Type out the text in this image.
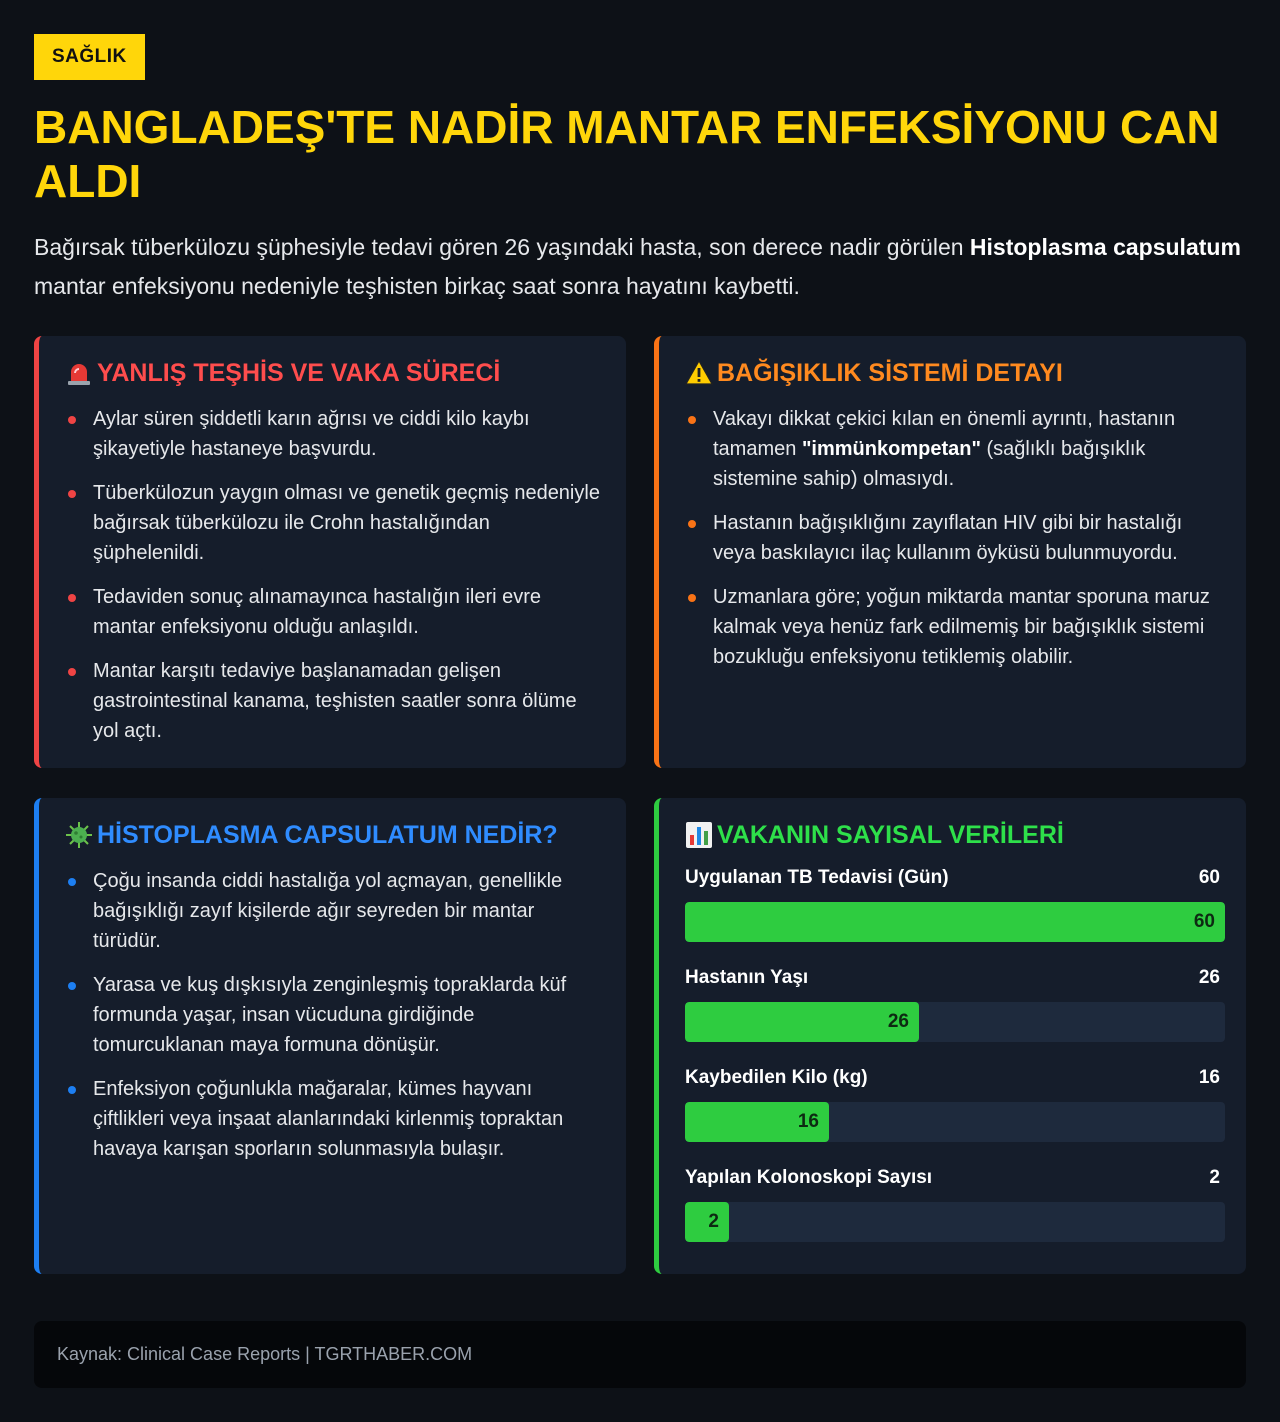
SAĞLIK
BANGLADEŞ'TE NADİR MANTAR ENFEKSİYONU CAN ALDI

Bağırsak tüberkülozu şüphesiyle tedavi gören 26 yaşındaki hasta, son derece nadir görülen Histoplasma capsulatum mantar enfeksiyonu nedeniyle teşhisten birkaç saat sonra hayatını kaybetti.

YANLIŞ TEŞHİS VE VAKA SÜRECİ
Aylar süren şiddetli karın ağrısı ve ciddi kilo kaybı şikayetiyle hastaneye başvurdu.
Tüberkülozun yaygın olması ve genetik geçmiş nedeniyle bağırsak tüberkülozu ile Crohn hastalığından şüphelenildi.
Tedaviden sonuç alınamayınca hastalığın ileri evre mantar enfeksiyonu olduğu anlaşıldı.
Mantar karşıtı tedaviye başlanamadan gelişen gastrointestinal kanama, teşhisten saatler sonra ölüme yol açtı.
BAĞIŞIKLIK SİSTEMİ DETAYI
Vakayı dikkat çekici kılan en önemli ayrıntı, hastanın tamamen "immünkompetan" (sağlıklı bağışıklık sistemine sahip) olmasıydı.
Hastanın bağışıklığını zayıflatan HIV gibi bir hastalığı veya baskılayıcı ilaç kullanım öyküsü bulunmuyordu.
Uzmanlara göre; yoğun miktarda mantar sporuna maruz kalmak veya henüz fark edilmemiş bir bağışıklık sistemi bozukluğu enfeksiyonu tetiklemiş olabilir.
HİSTOPLASMA CAPSULATUM NEDİR?
Çoğu insanda ciddi hastalığa yol açmayan, genellikle bağışıklığı zayıf kişilerde ağır seyreden bir mantar türüdür.
Yarasa ve kuş dışkısıyla zenginleşmiş topraklarda küf formunda yaşar, insan vücuduna girdiğinde tomurcuklanan maya formuna dönüşür.
Enfeksiyon çoğunlukla mağaralar, kümes hayvanı çiftlikleri veya inşaat alanlarındaki kirlenmiş topraktan havaya karışan sporların solunmasıyla bulaşır.
VAKANIN SAYISAL VERİLERİ
Uygulanan TB Tedavisi (Gün)	60
60
Hastanın Yaşı	26
26
Kaybedilen Kilo (kg)	16
16
Yapılan Kolonoskopi Sayısı	2
2
Kaynak: Clinical Case Reports | TGRTHABER.COM
